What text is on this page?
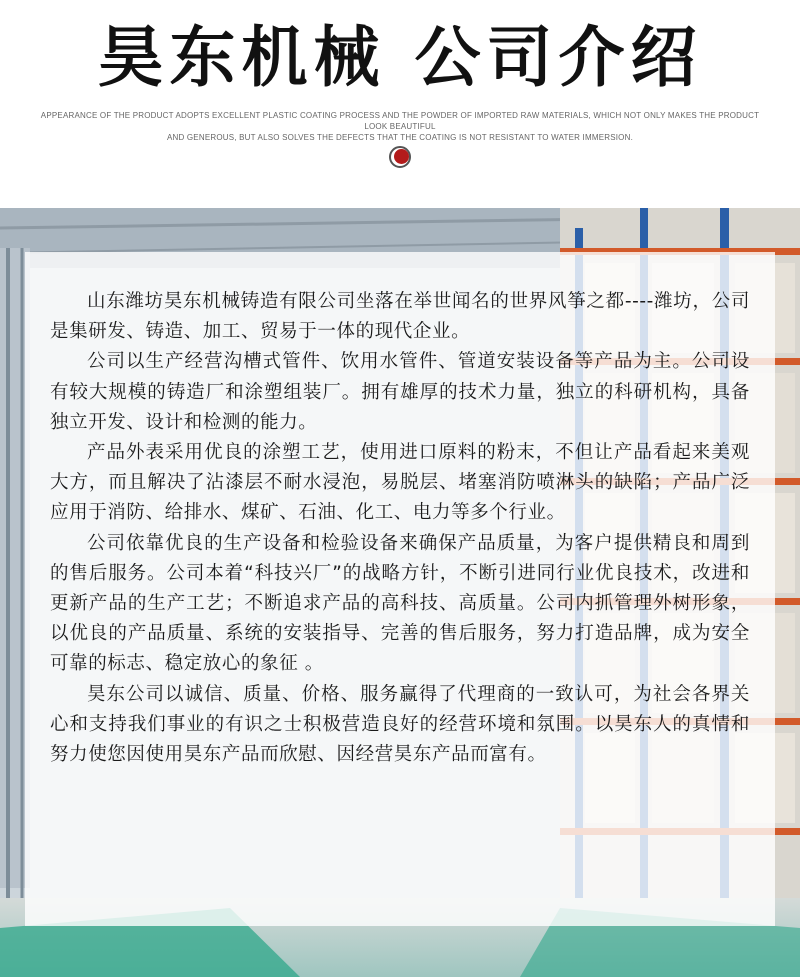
昊东机械 公司介绍
APPEARANCE OF THE PRODUCT ADOPTS EXCELLENT PLASTIC COATING PROCESS AND THE POWDER OF IMPORTED RAW MATERIALS, WHICH NOT ONLY MAKES THE PRODUCT LOOK BEAUTIFUL
AND GENEROUS, BUT ALSO SOLVES THE DEFECTS THAT THE COATING IS NOT RESISTANT TO WATER IMMERSION.

山东潍坊昊东机械铸造有限公司坐落在举世闻名的世界风筝之都----潍坊，公司是集研发、铸造、加工、贸易于一体的现代企业。

公司以生产经营沟槽式管件、饮用水管件、管道安装设备等产品为主。公司设有较大规模的铸造厂和涂塑组装厂。拥有雄厚的技术力量，独立的科研机构，具备独立开发、设计和检测的能力。

产品外表采用优良的涂塑工艺，使用进口原料的粉末，不但让产品看起来美观大方，而且解决了沾漆层不耐水浸泡，易脱层、堵塞消防喷淋头的缺陷；产品广泛应用于消防、给排水、煤矿、石油、化工、电力等多个行业。

公司依靠优良的生产设备和检验设备来确保产品质量，为客户提供精良和周到的售后服务。公司本着“科技兴厂”的战略方针，不断引进同行业优良技术，改进和更新产品的生产工艺；不断追求产品的高科技、高质量。公司内抓管理外树形象，以优良的产品质量、系统的安装指导、完善的售后服务，努力打造品牌，成为安全可靠的标志、稳定放心的象征 。

昊东公司以诚信、质量、价格、服务赢得了代理商的一致认可，为社会各界关心和支持我们事业的有识之士积极营造良好的经营环境和氛围。以昊东人的真情和努力使您因使用昊东产品而欣慰、因经营昊东产品而富有。
